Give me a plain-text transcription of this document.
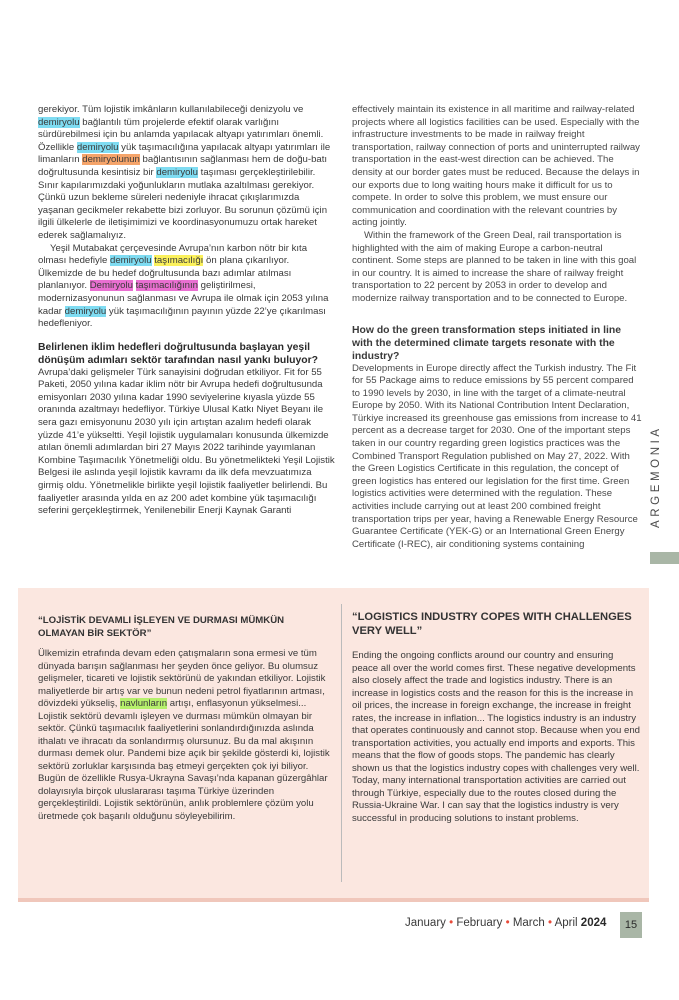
gerekiyor. Tüm lojistik imkânların kullanılabileceği denizyolu ve demiryolu bağlantılı tüm projelerde efektif olarak varlığını sürdürebilmesi için bu anlamda yapılacak altyapı yatırımları önemli. Özellikle demiryolu yük taşımacılığına yapılacak altyapı yatırımları ile limanların demiryolunun bağlantısının sağlanması hem de doğu-batı doğrultusunda kesintisiz bir demiryolu taşıması gerçekleştirilebilir. Sınır kapılarımızdaki yoğunlukların mutlaka azaltılması gerekiyor. Çünkü uzun bekleme süreleri nedeniyle ihracat çıkışlarımızda yaşanan gecikmeler rekabette bizi zorluyor. Bu sorunun çözümü için ilgili ülkelerle de iletişimimizi ve koordinasyonumuzu ortak hareket ederek sağlamalıyız.

Yeşil Mutabakat çerçevesinde Avrupa’nın karbon nötr bir kıta olması hedefiyle demiryolu taşımacılığı ön plana çıkarılıyor. Ülkemizde de bu hedef doğrultusunda bazı adımlar atılması planlanıyor. Demiryolu taşımacılığının geliştirilmesi, modernizasyonunun sağlanması ve Avrupa ile olmak için 2053 yılına kadar demiryolu yük taşımacılığının payının yüzde 22’ye çıkarılması hedefleniyor.

Belirlenen iklim hedefleri doğrultusunda başlayan yeşil dönüşüm adımları sektör tarafından nasıl yankı buluyor?

Avrupa’daki gelişmeler Türk sanayisini doğrudan etkiliyor. Fit for 55 Paketi, 2050 yılına kadar iklim nötr bir Avrupa hedefi doğrultusunda emisyonları 2030 yılına kadar 1990 seviyelerine kıyasla yüzde 55 oranında azaltmayı hedefliyor. Türkiye Ulusal Katkı Niyet Beyanı ile sera gazı emisyonunu 2030 yılı için artıştan azalım hedefi olarak yüzde 41’e yükseltti. Yeşil lojistik uygulamaları konusunda ülkemizde atılan önemli adımlardan biri 27 Mayıs 2022 tarihinde yayımlanan Kombine Taşımacılık Yönetmeliği oldu. Bu yönetmelikteki Yeşil Lojistik Belgesi ile aslında yeşil lojistik kavramı da ilk defa mevzuatımıza girmiş oldu. Yönetmelikle birlikte yeşil lojistik faaliyetler belirlendi. Bu faaliyetler arasında yılda en az 200 adet kombine yük taşımacılığı seferini gerçekleştirmek, Yenilenebilir Enerji Kaynak Garanti

effectively maintain its existence in all maritime and railway-related projects where all logistics facilities can be used. Especially with the infrastructure investments to be made in railway freight transportation, railway connection of ports and uninterrupted railway transportation in the east-west direction can be achieved. The density at our border gates must be reduced. Because the delays in our exports due to long waiting hours make it difficult for us to compete. In order to solve this problem, we must ensure our communication and coordination with the relevant countries by acting jointly.

Within the framework of the Green Deal, rail transportation is highlighted with the aim of making Europe a carbon-neutral continent. Some steps are planned to be taken in line with this goal in our country. It is aimed to increase the share of railway freight transportation to 22 percent by 2053 in order to develop and modernize railway transportation and to be connected to Europe.

How do the green transformation steps initiated in line with the determined climate targets resonate with the industry?

Developments in Europe directly affect the Turkish industry. The Fit for 55 Package aims to reduce emissions by 55 percent compared to 1990 levels by 2030, in line with the target of a climate-neutral Europe by 2050. With its National Contribution Intent Declaration, Türkiye increased its greenhouse gas emissions from increase to 41 percent as a decrease target for 2030. One of the important steps taken in our country regarding green logistics practices was the Combined Transport Regulation published on May 27, 2022. With the Green Logistics Certificate in this regulation, the concept of green logistics has entered our legislation for the first time. Green logistics activities were determined with the regulation. These activities include carrying out at least 200 combined freight transportation trips per year, having a Renewable Energy Resource Guarantee Certificate (YEK-G) or an International Green Energy Certificate (I-REC), air conditioning systems containing

ARGEMONIA
“LOJİSTİK DEVAMLI İŞLEYEN VE DURMASI MÜMKÜN OLMAYAN BİR SEKTÖR”
Ülkemizin etrafında devam eden çatışmaların sona ermesi ve tüm dünyada barışın sağlanması her şeyden önce geliyor. Bu olumsuz gelişmeler, ticareti ve lojistik sektörünü de yakından etkiliyor. Lojistik maliyetlerde bir artış var ve bunun nedeni petrol fiyatlarının artması, dövizdeki yükseliş, navlunların artışı, enflasyonun yükselmesi... Lojistik sektörü devamlı işleyen ve durması mümkün olmayan bir sektör. Çünkü taşımacılık faaliyetlerini sonlandırdığınızda aslında ithalatı ve ihracatı da sonlandırmış olursunuz. Bu da mal akışının durması demek olur. Pandemi bize açık bir şekilde gösterdi ki, lojistik sektörü zorluklar karşısında baş etmeyi gerçekten çok iyi biliyor. Bugün de özellikle Rusya-Ukrayna Savaşı’nda kapanan güzergâhlar dolayısıyla birçok uluslararası taşıma Türkiye üzerinden gerçekleştirildi. Lojistik sektörünün, anlık problemlere çözüm yolu üretmede çok başarılı olduğunu söyleyebilirim.
“LOGISTICS INDUSTRY COPES WITH CHALLENGES VERY WELL”
Ending the ongoing conflicts around our country and ensuring peace all over the world comes first. These negative developments also closely affect the trade and logistics industry. There is an increase in logistics costs and the reason for this is the increase in oil prices, the increase in foreign exchange, the increase in freight rates, the increase in inflation... The logistics industry is an industry that operates continuously and cannot stop. Because when you end transportation activities, you actually end imports and exports. This means that the flow of goods stops. The pandemic has clearly shown us that the logistics industry copes with challenges very well. Today, many international transportation activities are carried out through Türkiye, especially due to the routes closed during the Russia-Ukraine War. I can say that the logistics industry is very successful in producing solutions to instant problems.
January • February • March • April 2024	15
